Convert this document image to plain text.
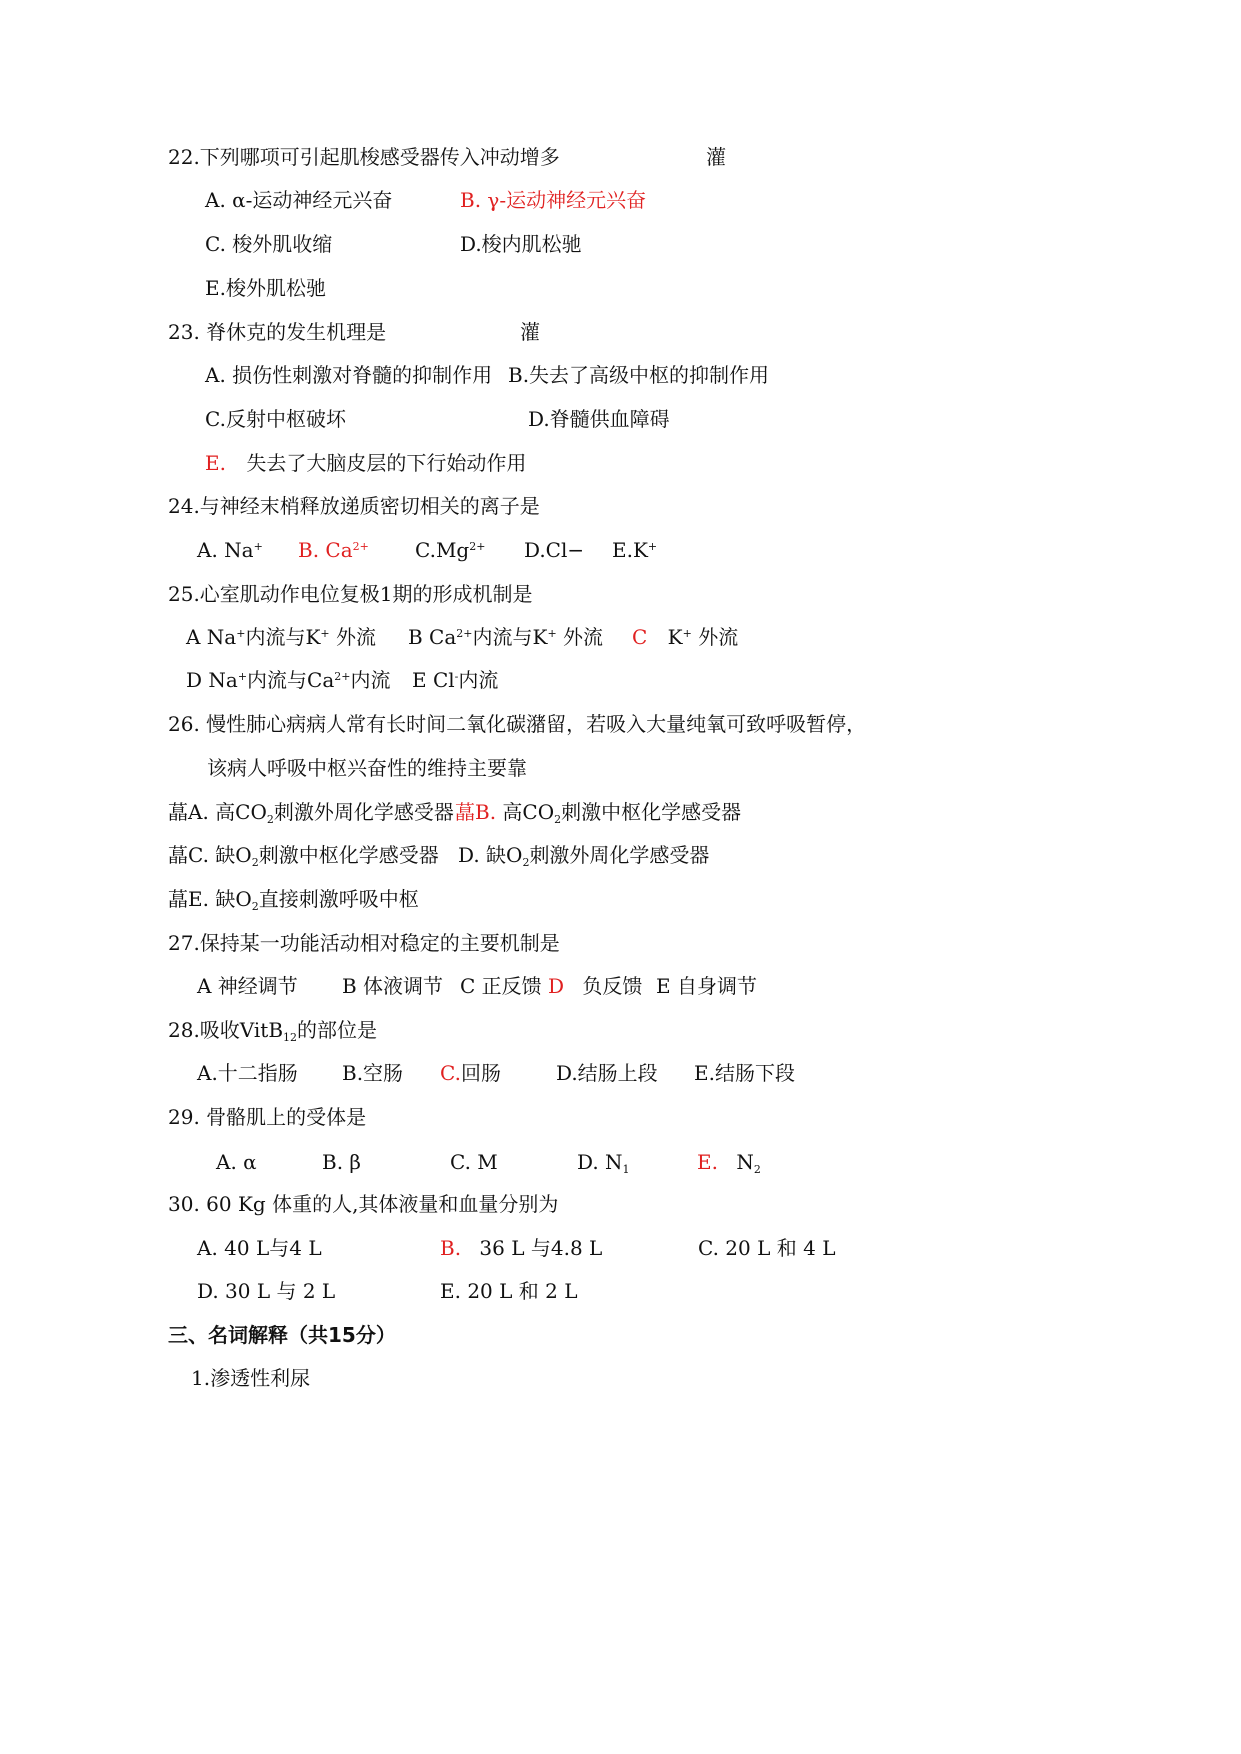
22.下列哪项可引起肌梭感受器传入冲动增多	灌
A. α-运动神经元兴奋	B. γ-运动神经元兴奋
C. 梭外肌收缩	D.梭内肌松驰
E.梭外肌松驰
23. 脊休克的发生机理是	灌
A. 损伤性刺激对脊髓的抑制作用 B.失去了高级中枢的抑制作用
C.反射中枢破坏	D.脊髓供血障碍
E. 失去了大脑皮层的下行始动作用
24.与神经末梢释放递质密切相关的离子是
A. Na+ B. $Ca^{2+}$ $C.Mg^{2+}$ D.Cl− E.K+
25.心室肌动作电位复极1期的形成机制是
A Na+内流与K+ 外流 B $Ca^{2+}$内流与K+ 外流 C K+ 外流
D Na+内流与$Ca^{2+}$内流 E Cl-内流
26. 慢性肺心病病人常有长时间二氧化碳潴留，若吸入大量纯氧可致呼吸暂停，
该病人呼吸中枢兴奋性的维持主要靠
蕌A. 高$CO_2$刺激外周化学感受器 蕌B. 高$CO_2$刺激中枢化学感受器
蕌C. 缺$O_2$刺激中枢化学感受器 D. 缺$O_2$刺激外周化学感受器
蕌E. 缺$O_2$直接刺激呼吸中枢
27.保持某一功能活动相对稳定的主要机制是
A 神经调节 B 体液调节 C 正反馈 D 负反馈 E 自身调节
28.吸收VitB$_{12}$的部位是
A.十二指肠 B.空肠 C.回肠	D.结肠上段 E.结肠下段
29. 骨骼肌上的受体是
A. α	B. β	C. M	D. $N_1$	E. $N_2$
30. 60 Kg 体重的人,其体液量和血量分别为
A. 40 L与4 L	B. 36 L 与4.8 L	C. 20 L 和 4 L
D. 30 L 与 2 L	E. 20 L 和 2 L
三、名词解释（共15分）
1.渗透性利尿
